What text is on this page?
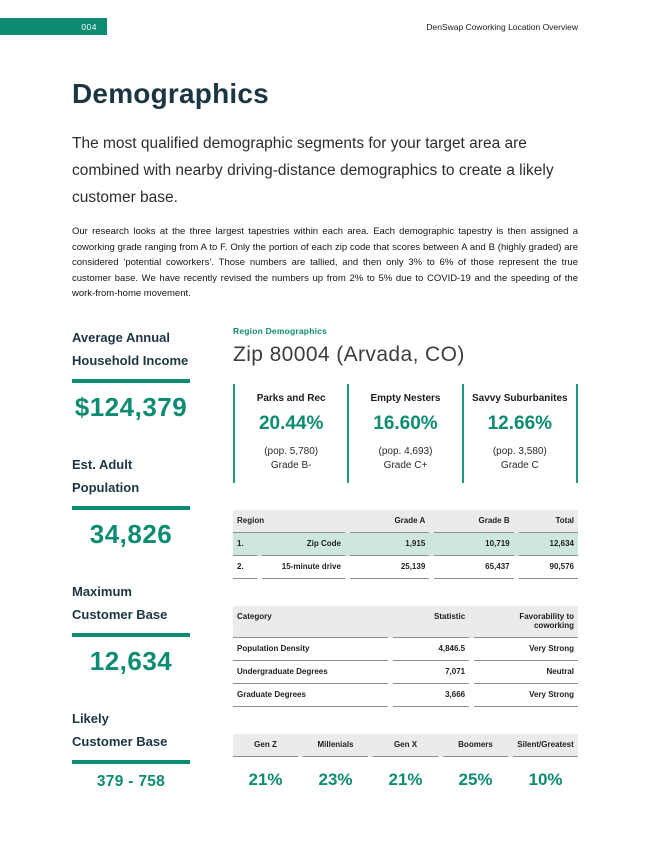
004	DenSwap Coworking Location Overview
Demographics
The most qualified demographic segments for your target area are combined with nearby driving-distance demographics to create a likely customer base.
Our research looks at the three largest tapestries within each area. Each demographic tapestry is then assigned a coworking grade ranging from A to F. Only the portion of each zip code that scores between A and B (highly graded) are considered ‘potential coworkers’. Those numbers are tallied, and then only 3% to 6% of those represent the true customer base. We have recently revised the numbers up from 2% to 5% due to COVID-19 and the speeding of the work-from-home movement.
Average Annual
Household Income
$124,379
Est. Adult
Population
34,826
Maximum
Customer Base
12,634
Likely
Customer Base
379 - 758
Region Demographics
Zip 80004 (Arvada, CO)
Parks and Rec
20.44%
(pop. 5,780)
Grade B-
Empty Nesters
16.60%
(pop. 4,693)
Grade C+
Savvy Suburbanites
12.66%
(pop. 3,580)
Grade C
Region	Grade A	Grade B	Total
1.	Zip Code	1,915	10,719	12,634
2.	15-minute drive	25,139	65,437	90,576
Category	Statistic	Favorability to coworking
Population Density	4,846.5	Very Strong
Undergraduate Degrees	7,071	Neutral
Graduate Degrees	3,666	Very Strong
Gen Z	Millenials	Gen X	Boomers	Silent/Greatest
21%	23%	21%	25%	10%
